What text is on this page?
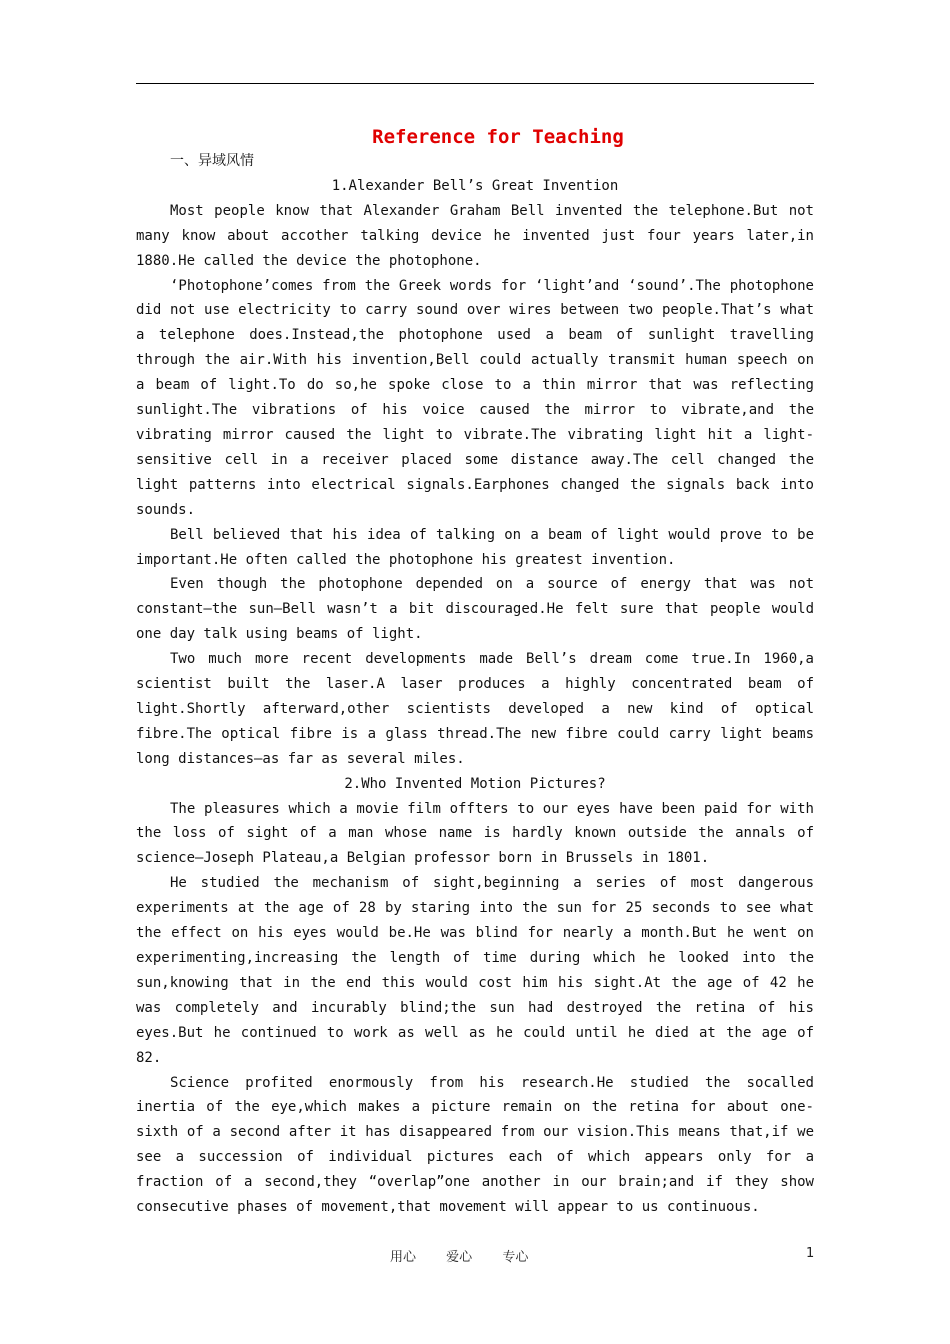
Reference for Teaching
一、异域风情
1.Alexander Bell’s Great Invention

Most people know that Alexander Graham Bell invented the telephone.But not many know about accother talking device he invented just four years later,in 1880.He called the device the photophone.

‘Photophone’comes from the Greek words for ‘light’and ‘sound’.The photophone did not use electricity to carry sound over wires between two people.That’s what a telephone does.Instead,the photophone used a beam of sunlight travelling through the air.With his invention,Bell could actually transmit human speech on a beam of light.To do so,he spoke close to a thin mirror that was reflecting sunlight.The vibrations of his voice caused the mirror to vibrate,and the vibrating mirror caused the light to vibrate.The vibrating light hit a light-sensitive cell in a receiver placed some distance away.The cell changed the light patterns into electrical signals.Earphones changed the signals back into sounds.

Bell believed that his idea of talking on a beam of light would prove to be important.He often called the photophone his greatest invention.

Even though the photophone depended on a source of energy that was not constant—the sun—Bell wasn’t a bit discouraged.He felt sure that people would one day talk using beams of light.

Two much more recent developments made Bell’s dream come true.In 1960,a scientist built the laser.A laser produces a highly concentrated beam of light.Shortly afterward,other scientists developed a new kind of optical fibre.The optical fibre is a glass thread.The new fibre could carry light beams long distances—as far as several miles.

2.Who Invented Motion Pictures?

The pleasures which a movie film offters to our eyes have been paid for with the loss of sight of a man whose name is hardly known outside the annals of science—Joseph Plateau,a Belgian professor born in Brussels in 1801.

He studied the mechanism of sight,beginning a series of most dangerous experiments at the age of 28 by staring into the sun for 25 seconds to see what the effect on his eyes would be.He was blind for nearly a month.But he went on experimenting,increasing the length of time during which he looked into the sun,knowing that in the end this would cost him his sight.At the age of 42 he was completely and incurably blind;the sun had destroyed the retina of his eyes.But he continued to work as well as he could until he died at the age of 82.

Science profited enormously from his research.He studied the socalled inertia of the eye,which makes a picture remain on the retina for about one-sixth of a second after it has disappeared from our vision.This means that,if we see a succession of individual pictures each of which appears only for a fraction of a second,they “overlap”one another in our brain;and if they show consecutive phases of movement,that movement will appear to us continuous.

用心 爱心 专心	1
